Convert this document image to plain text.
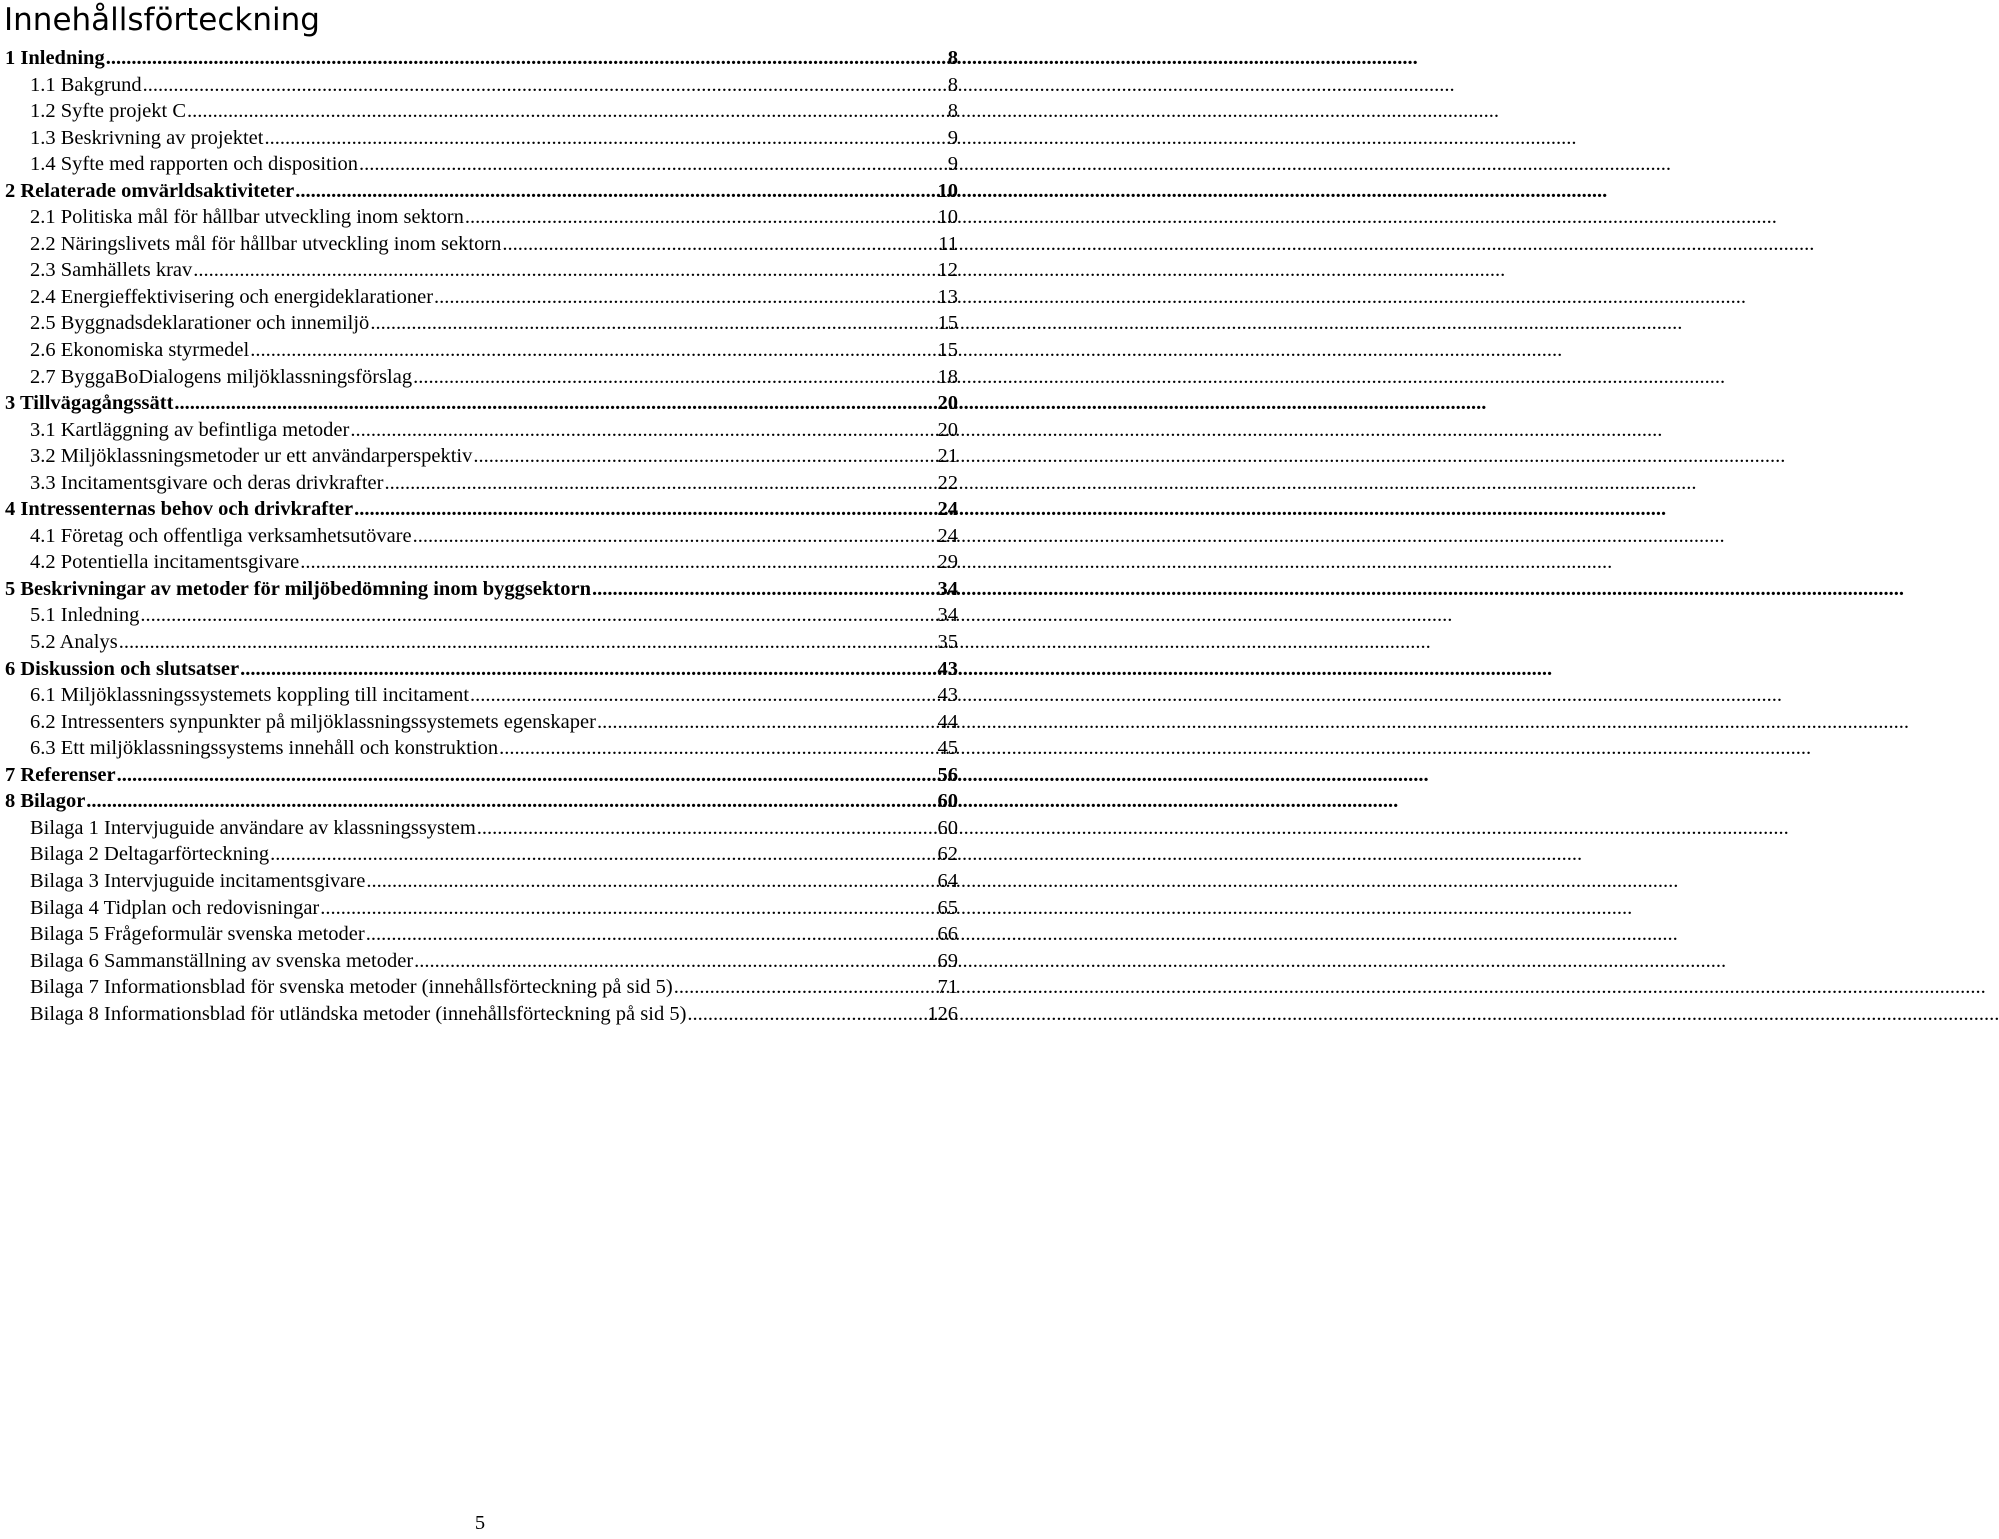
Innehållsförteckning
1 Inledning .....	8
1.1 Bakgrund .....	8
1.2 Syfte projekt C .....	8
1.3 Beskrivning av projektet .....	9
1.4 Syfte med rapporten och disposition .....	9
2 Relaterade omvärldsaktiviteter .....	10
2.1 Politiska mål för hållbar utveckling inom sektorn .....	10
2.2 Näringslivets mål för hållbar utveckling inom sektorn .....	11
2.3 Samhällets krav .....	12
2.4 Energieffektivisering och energideklarationer .....	13
2.5 Byggnadsdeklarationer och innemiljö .....	15
2.6 Ekonomiska styrmedel .....	15
2.7 ByggaBoDialogens miljöklassningsförslag .....	18
3 Tillvägagångssätt .....	20
3.1 Kartläggning av befintliga metoder .....	20
3.2 Miljöklassningsmetoder ur ett användarperspektiv .....	21
3.3 Incitamentsgivare och deras drivkrafter .....	22
4 Intressenternas behov och drivkrafter .....	24
4.1 Företag och offentliga verksamhetsutövare .....	24
4.2 Potentiella incitamentsgivare .....	29
5 Beskrivningar av metoder för miljöbedömning inom byggsektorn .....	34
5.1 Inledning .....	34
5.2 Analys .....	35
6 Diskussion och slutsatser .....	43
6.1 Miljöklassningssystemets koppling till incitament .....	43
6.2 Intressenters synpunkter på miljöklassningssystemets egenskaper .....	44
6.3 Ett miljöklassningssystems innehåll och konstruktion .....	45
7 Referenser .....	56
8 Bilagor .....	60
Bilaga 1 Intervjuguide användare av klassningssystem .....	60
Bilaga 2 Deltagarförteckning .....	62
Bilaga 3 Intervjuguide incitamentsgivare .....	64
Bilaga 4 Tidplan och redovisningar .....	65
Bilaga 5 Frågeformulär svenska metoder .....	66
Bilaga 6 Sammanställning av svenska metoder .....	69
Bilaga 7 Informationsblad för svenska metoder (innehållsförteckning på sid 5) .....	71
Bilaga 8 Informationsblad för utländska metoder (innehållsförteckning på sid 5) .....	126
5
